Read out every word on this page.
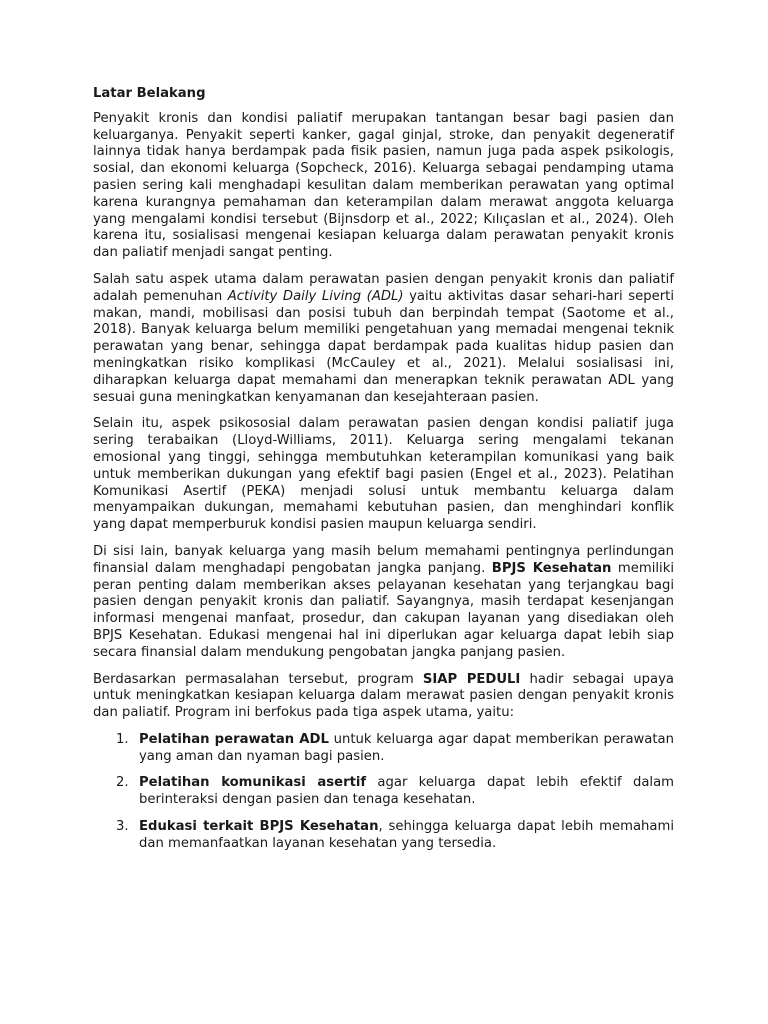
Latar Belakang

Penyakit kronis dan kondisi paliatif merupakan tantangan besar bagi pasien dan keluarganya. Penyakit seperti kanker, gagal ginjal, stroke, dan penyakit degeneratif lainnya tidak hanya berdampak pada fisik pasien, namun juga pada aspek psikologis, sosial, dan ekonomi keluarga (Sopcheck, 2016). Keluarga sebagai pendamping utama pasien sering kali menghadapi kesulitan dalam memberikan perawatan yang optimal karena kurangnya pemahaman dan keterampilan dalam merawat anggota keluarga yang mengalami kondisi tersebut (Bijnsdorp et al., 2022; Kılıçaslan et al., 2024). Oleh karena itu, sosialisasi mengenai kesiapan keluarga dalam perawatan penyakit kronis dan paliatif menjadi sangat penting.

Salah satu aspek utama dalam perawatan pasien dengan penyakit kronis dan paliatif adalah pemenuhan Activity Daily Living (ADL) yaitu aktivitas dasar sehari-hari seperti makan, mandi, mobilisasi dan posisi tubuh dan berpindah tempat (Saotome et al., 2018). Banyak keluarga belum memiliki pengetahuan yang memadai mengenai teknik perawatan yang benar, sehingga dapat berdampak pada kualitas hidup pasien dan meningkatkan risiko komplikasi (McCauley et al., 2021). Melalui sosialisasi ini, diharapkan keluarga dapat memahami dan menerapkan teknik perawatan ADL yang sesuai guna meningkatkan kenyamanan dan kesejahteraan pasien.

Selain itu, aspek psikososial dalam perawatan pasien dengan kondisi paliatif juga sering terabaikan (Lloyd-Williams, 2011). Keluarga sering mengalami tekanan emosional yang tinggi, sehingga membutuhkan keterampilan komunikasi yang baik untuk memberikan dukungan yang efektif bagi pasien (Engel et al., 2023). Pelatihan Komunikasi Asertif (PEKA) menjadi solusi untuk membantu keluarga dalam menyampaikan dukungan, memahami kebutuhan pasien, dan menghindari konflik yang dapat memperburuk kondisi pasien maupun keluarga sendiri.

Di sisi lain, banyak keluarga yang masih belum memahami pentingnya perlindungan finansial dalam menghadapi pengobatan jangka panjang. BPJS Kesehatan memiliki peran penting dalam memberikan akses pelayanan kesehatan yang terjangkau bagi pasien dengan penyakit kronis dan paliatif. Sayangnya, masih terdapat kesenjangan informasi mengenai manfaat, prosedur, dan cakupan layanan yang disediakan oleh BPJS Kesehatan. Edukasi mengenai hal ini diperlukan agar keluarga dapat lebih siap secara finansial dalam mendukung pengobatan jangka panjang pasien.

Berdasarkan permasalahan tersebut, program SIAP PEDULI hadir sebagai upaya untuk meningkatkan kesiapan keluarga dalam merawat pasien dengan penyakit kronis dan paliatif. Program ini berfokus pada tiga aspek utama, yaitu:

1. Pelatihan perawatan ADL untuk keluarga agar dapat memberikan perawatan yang aman dan nyaman bagi pasien.
2. Pelatihan komunikasi asertif agar keluarga dapat lebih efektif dalam berinteraksi dengan pasien dan tenaga kesehatan.
3. Edukasi terkait BPJS Kesehatan, sehingga keluarga dapat lebih memahami dan memanfaatkan layanan kesehatan yang tersedia.
